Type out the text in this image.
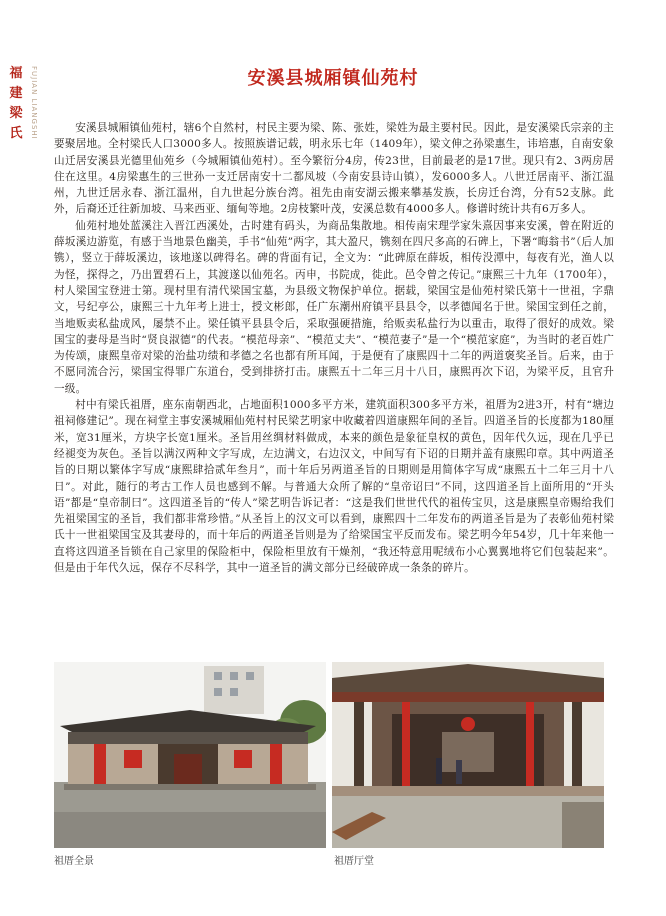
福
建
梁
氏	FUJIAN LIANGSHI	安溪县城厢镇仙苑村

安溪县城厢镇仙苑村，辖6个自然村，村民主要为梁、陈、张姓，梁姓为最主要村民。因此，是安溪梁氏宗亲的主要聚居地。全村梁氏人口3000多人。按照族谱记载，明永乐七年（1409年），梁文伸之孙梁惠生，讳培惠，自南安象山迁居安溪县光德里仙苑乡（今城厢镇仙苑村）。至今繁衍分4房，传23世，目前最老的是17世。现只有2、3两房居住在这里。4房梁惠生的三世孙一支迁居南安十二都凤坡（今南安县诗山镇），发6000多人。八世迁居南平、浙江温州，九世迁居永春、浙江温州，自九世起分族台湾。祖先由南安湖云搬来攀基发族，长房迁台湾，分有52支脉。此外，后裔还迁往新加坡、马来西亚、缅甸等地。2房枝繁叶茂，安溪总数有4000多人。修谱时统计共有6万多人。

仙苑村地处蓝溪注入晋江西溪处，古时建有码头，为商品集散地。相传南宋理学家朱熹因事来安溪，曾在附近的薛坂溪边游览，有感于当地景色幽美，手书“仙苑”两字，其大盈尺，镌刻在四尺多高的石碑上，下署“晦翁书”（后人加镌），竖立于薛坂溪边，该地遂以碑得名。碑的背面有记，全文为：“此碑原在薛坂，相传没潭中，每夜有光，渔人以为怪，探得之，乃出置碧石上，其渡遂以仙苑名。丙申，书院成，徙此。邑令曾之传记。”康熙三十九年（1700年），村人梁国宝登进士第。现村里有清代梁国宝墓，为县级文物保护单位。据载，梁国宝是仙苑村梁氏第十一世祖，字鼎文，号纪亭公，康熙三十九年考上进士，授文彬郎，任广东潮州府镇平县县令，以孝德闻名于世。梁国宝到任之前，当地贩卖私盐成风，屡禁不止。梁任镇平县县令后，采取强硬措施，给贩卖私盐行为以重击，取得了很好的成效。梁国宝的妻母是当时“贤良淑德”的代表。“模范母亲”、“模范丈夫”、“模范妻子”是一个“模范家庭”，为当时的老百姓广为传颂，康熙皇帝对梁的治盐功绩和孝德之名也都有所耳闻，于是便有了康熙四十二年的两道褒奖圣旨。后来，由于不愿同流合污，梁国宝得罪广东道台，受到排挤打击。康熙五十二年三月十八日，康熙再次下诏，为梁平反，且官升一级。

村中有梁氏祖厝，座东南朝西北，占地面积1000多平方米，建筑面积300多平方米，祖厝为2进3开，村有“塘边祖祠修建记”。现在祠堂主事安溪城厢仙苑村村民梁艺明家中收藏着四道康熙年间的圣旨。四道圣旨的长度都为180厘米，宽31厘米，方块字长宽1厘米。圣旨用丝绸材料做成，本来的颜色是象征皇权的黄色，因年代久远，现在几乎已经褪变为灰色。圣旨以满汉两种文字写成，左边满文，右边汉文，中间写有下诏的日期并盖有康熙印章。其中两道圣旨的日期以繁体字写成“康熙肆拾贰年叁月”，而十年后另两道圣旨的日期则是用简体字写成“康熙五十二年三月十八日”。对此，随行的考古工作人员也感到不解。与普通大众所了解的“皇帝诏曰”不同，这四道圣旨上面所用的“开头语”都是“皇帝制曰”。这四道圣旨的“传人”梁艺明告诉记者：“这是我们世世代代的祖传宝贝，这是康熙皇帝赐给我们先祖梁国宝的圣旨，我们都非常珍惜。”从圣旨上的汉文可以看到，康熙四十二年发布的两道圣旨是为了表彰仙苑村梁氏十一世祖梁国宝及其妻母的，而十年后的两道圣旨则是为了给梁国宝平反而发布。梁艺明今年54岁，几十年来他一直将这四道圣旨锁在自己家里的保险柜中，保险柜里放有干燥剂，“我还特意用呢绒布小心翼翼地将它们包装起来”。但是由于年代久远，保存不尽科学，其中一道圣旨的满文部分已经破碎成一条条的碎片。

祖厝全景	祖厝厅堂
